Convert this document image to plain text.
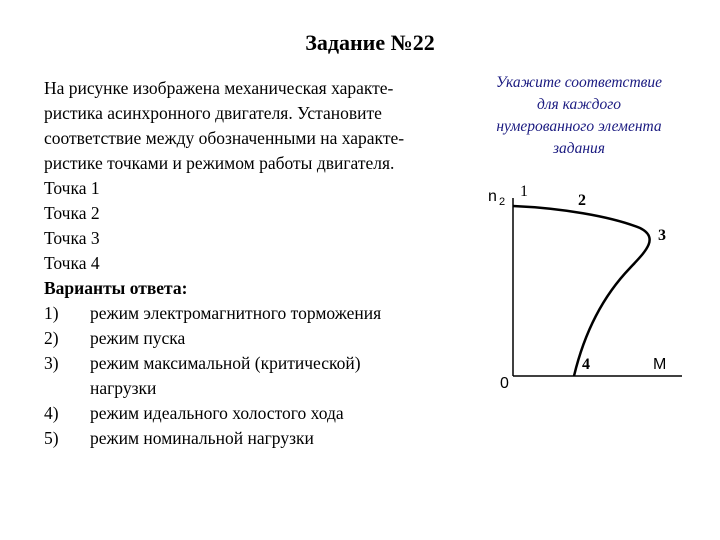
Задание №22

На рисунке изображена механическая характе-

ристика асинхронного двигателя. Установите

соответствие между обозначенными на характе-

ристике точками и режимом работы двигателя.

Точка 1

Точка 2

Точка 3

Точка 4

Варианты ответа:

1)	режим электромагнитного торможения
2)	режим пуска
3)	режим максимальной (критической) нагрузки
4)	режим идеального холостого хода
5)	режим номинальной нагрузки
Укажите соответствие
для каждого
нумерованного элемента
задания
n 2
M
0
1
2
3
4
